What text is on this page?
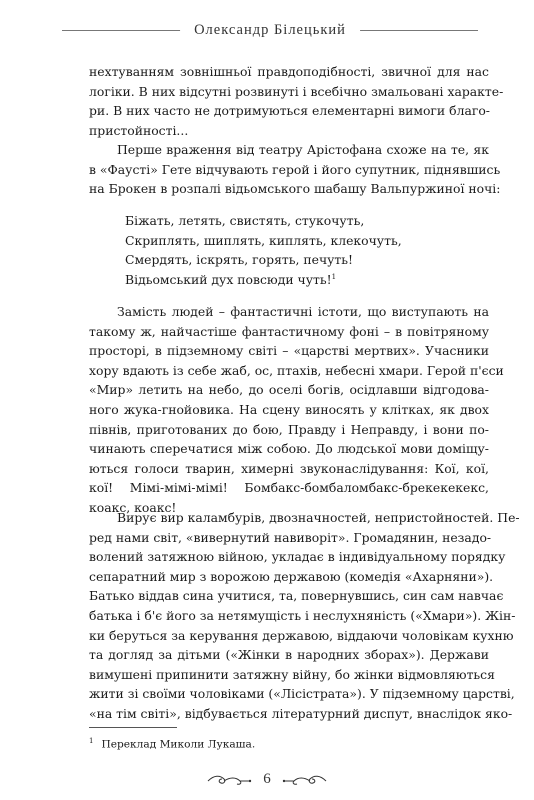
Олександр Білецький
нехтуванням зовнішньої правдоподібності, звичної для нас
логіки. В них відсутні розвинуті і всебічно змальовані характе-
ри. В них часто не дотримуються елементарні вимоги благо-
пристойності...
Перше враження від театру Арістофана схоже на те, як
в «Фаусті» Гете відчувають герой і його супутник, піднявшись
на Брокен в розпалі відьомського шабашу Вальпуржиної ночі:
Біжать, летять, свистять, стукочуть,
Скриплять, шиплять, киплять, клекочуть,
Смердять, іскрять, горять, печуть!
Відьомський дух повсюди чуть!$^1$
Замість людей – фантастичні істоти, що виступають на
такому ж, найчастіше фантастичному фоні – в повітряному
просторі, в підземному світі – «царстві мертвих». Учасники
хору вдають із себе жаб, ос, птахів, небесні хмари. Герой п'єси
«Мир» летить на небо, до оселі богів, осідлавши відгодова-
ного жука-гнойовика. На сцену виносять у клітках, як двох
півнів, приготованих до бою, Правду і Неправду, і вони по-
чинають сперечатися між собою. До людської мови доміщу-
ються голоси тварин, химерні звуконаслідування: Кої, кої,
кої! Мімі-мімі-мімі! Бомбакс-бомбаломбакс-брекекекекс,
коакс, коакс!
Вирує вир каламбурів, двозначностей, непристойностей. Пе-
ред нами світ, «вивернутий навиворіт». Громадянин, незадо-
волений затяжною війною, укладає в індивідуальному порядку
сепаратний мир з ворожою державою (комедія «Ахарняни»).
Батько віддав сина учитися, та, повернувшись, син сам навчає
батька і б'є його за нетямущість і неслухняність («Хмари»). Жін-
ки беруться за керування державою, віддаючи чоловікам кухню
та догляд за дітьми («Жінки в народних зборах»). Держави
вимушені припинити затяжну війну, бо жінки відмовляються
жити зі своїми чоловіками («Лісістрата»). У підземному царстві,
«на тім світі», відбувається літературний диспут, внаслідок яко-
$^1$ Переклад Миколи Лукаша.
6
